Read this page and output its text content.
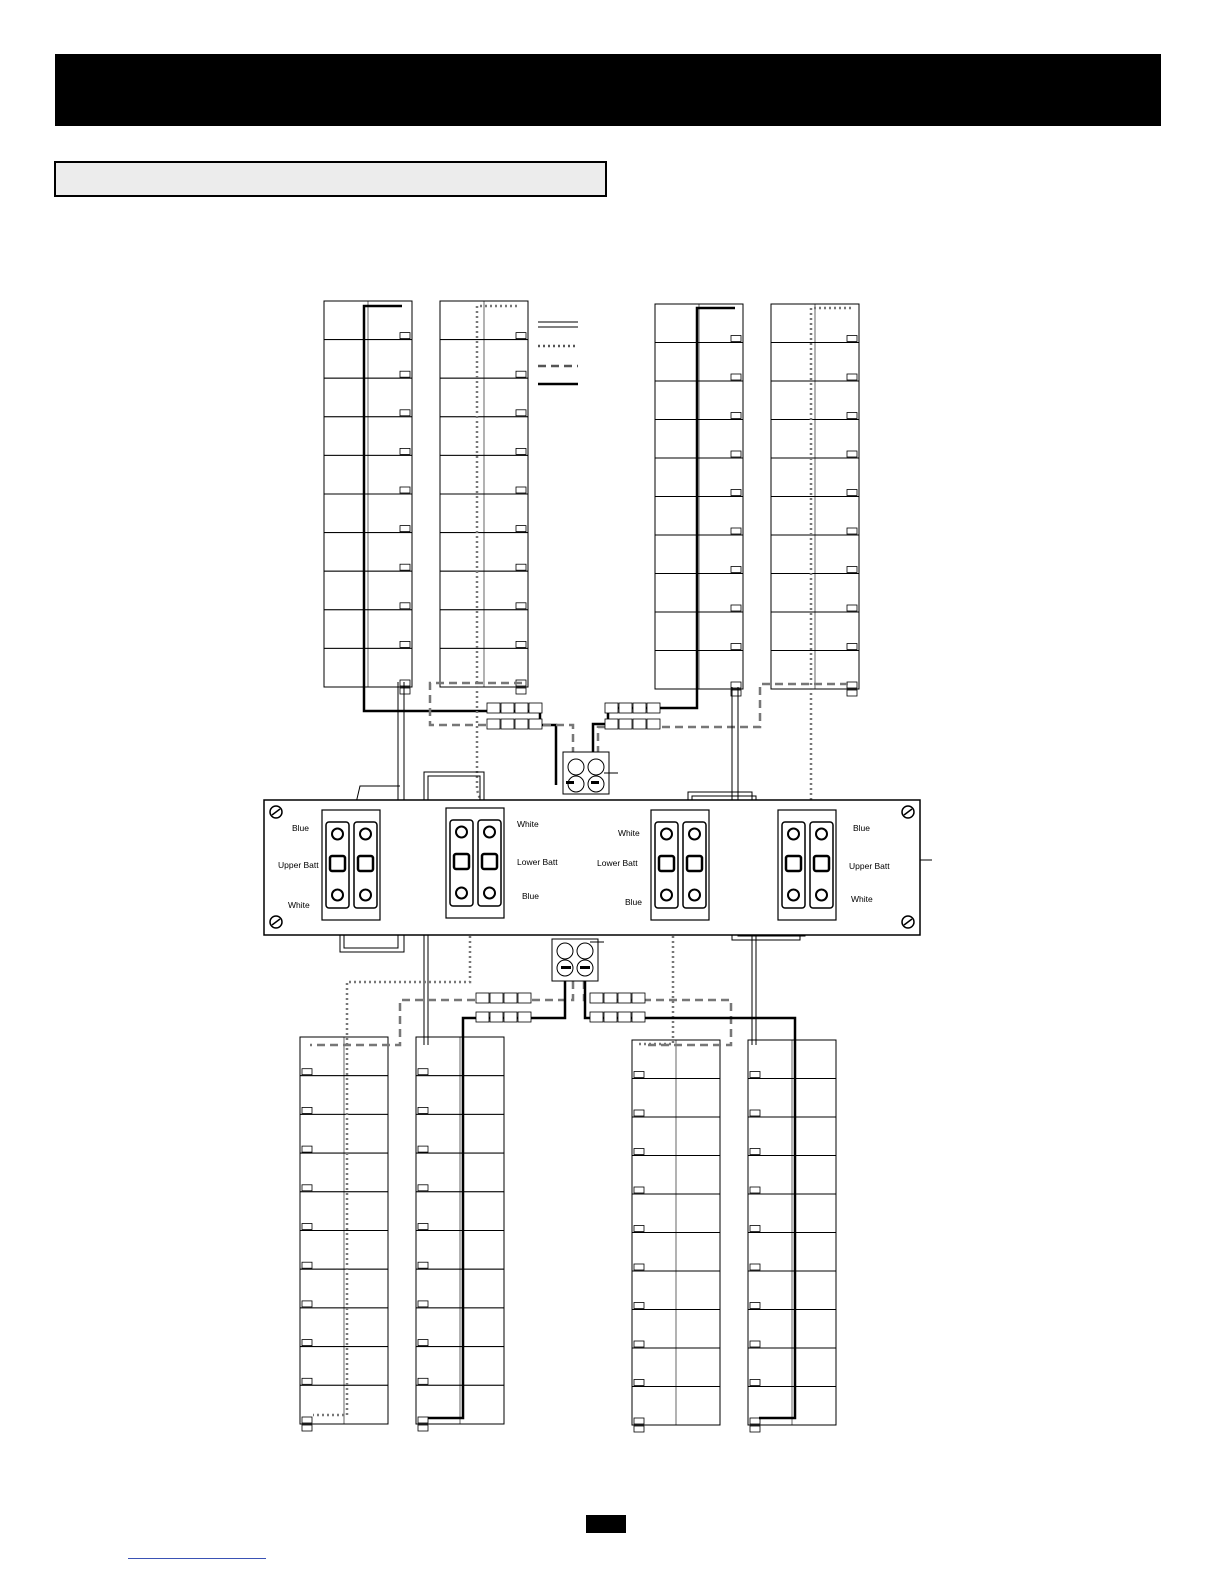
Blue
Upper Batt
White
White
Lower Batt
Blue
White
Lower Batt
Blue
Blue
Upper Batt
White
